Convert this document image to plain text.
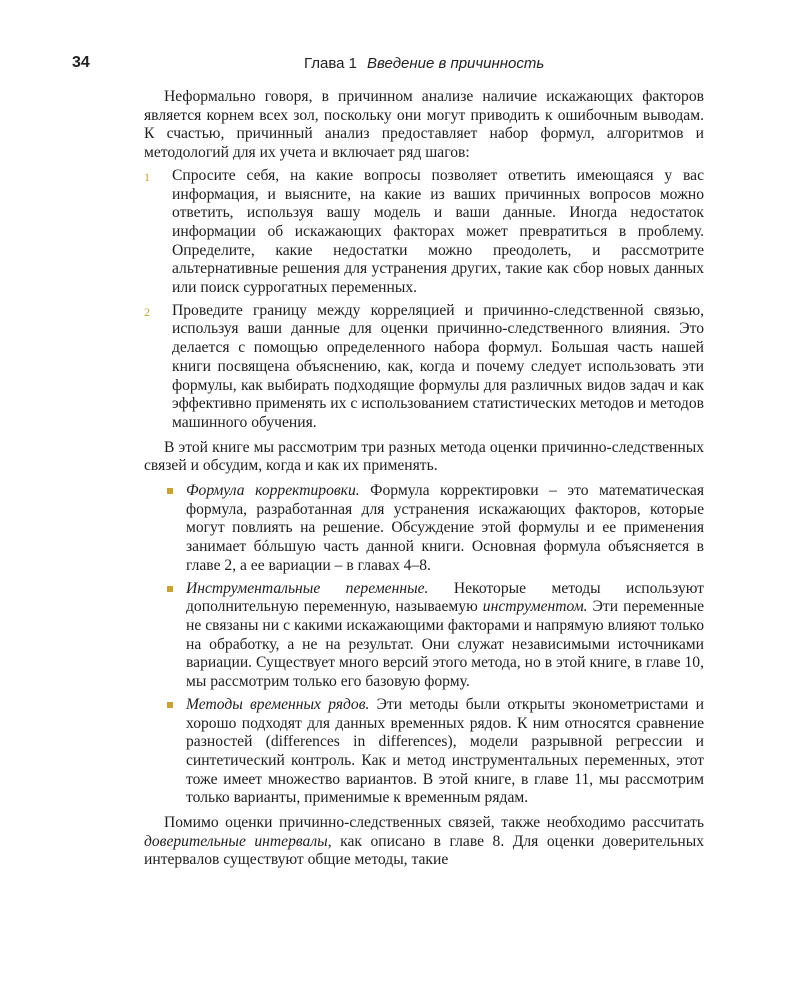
34	Глава 1 Введение в причинность

Неформально говоря, в причинном анализе наличие искажающих факторов является корнем всех зол, поскольку они могут приводить к ошибочным выводам. К счастью, причинный анализ предоставляет набор формул, алгоритмов и методологий для их учета и включает ряд шагов:

1 Спросите себя, на какие вопросы позволяет ответить имеющаяся у вас информация, и выясните, на какие из ваших причинных вопросов можно ответить, используя вашу модель и ваши данные. Иногда недостаток информации об искажающих факторах может превратиться в проблему. Определите, какие недостатки можно преодолеть, и рассмотрите альтернативные решения для устранения других, такие как сбор новых данных или поиск суррогатных переменных.
2 Проведите границу между корреляцией и причинно-следственной связью, используя ваши данные для оценки причинно-следственного влияния. Это делается с помощью определенного набора формул. Большая часть нашей книги посвящена объяснению, как, когда и почему следует использовать эти формулы, как выбирать подходящие формулы для различных видов задач и как эффективно применять их с использованием статистических методов и методов машинного обучения.

В этой книге мы рассмотрим три разных метода оценки причинно-следственных связей и обсудим, когда и как их применять.

Формула корректировки. Формула корректировки – это математическая формула, разработанная для устранения искажающих факторов, которые могут повлиять на решение. Обсуждение этой формулы и ее применения занимает бóльшую часть данной книги. Основная формула объясняется в главе 2, а ее вариации – в главах 4–8.
Инструментальные переменные. Некоторые методы используют дополнительную переменную, называемую инструментом. Эти переменные не связаны ни с какими искажающими факторами и напрямую влияют только на обработку, а не на результат. Они служат независимыми источниками вариации. Существует много версий этого метода, но в этой книге, в главе 10, мы рассмотрим только его базовую форму.
Методы временных рядов. Эти методы были открыты эконометристами и хорошо подходят для данных временных рядов. К ним относятся сравнение разностей (differences in differences), модели разрывной регрессии и синтетический контроль. Как и метод инструментальных переменных, этот тоже имеет множество вариантов. В этой книге, в главе 11, мы рассмотрим только варианты, применимые к временным рядам.

Помимо оценки причинно-следственных связей, также необходимо рассчитать доверительные интервалы, как описано в главе 8. Для оценки доверительных интервалов существуют общие методы, такие
